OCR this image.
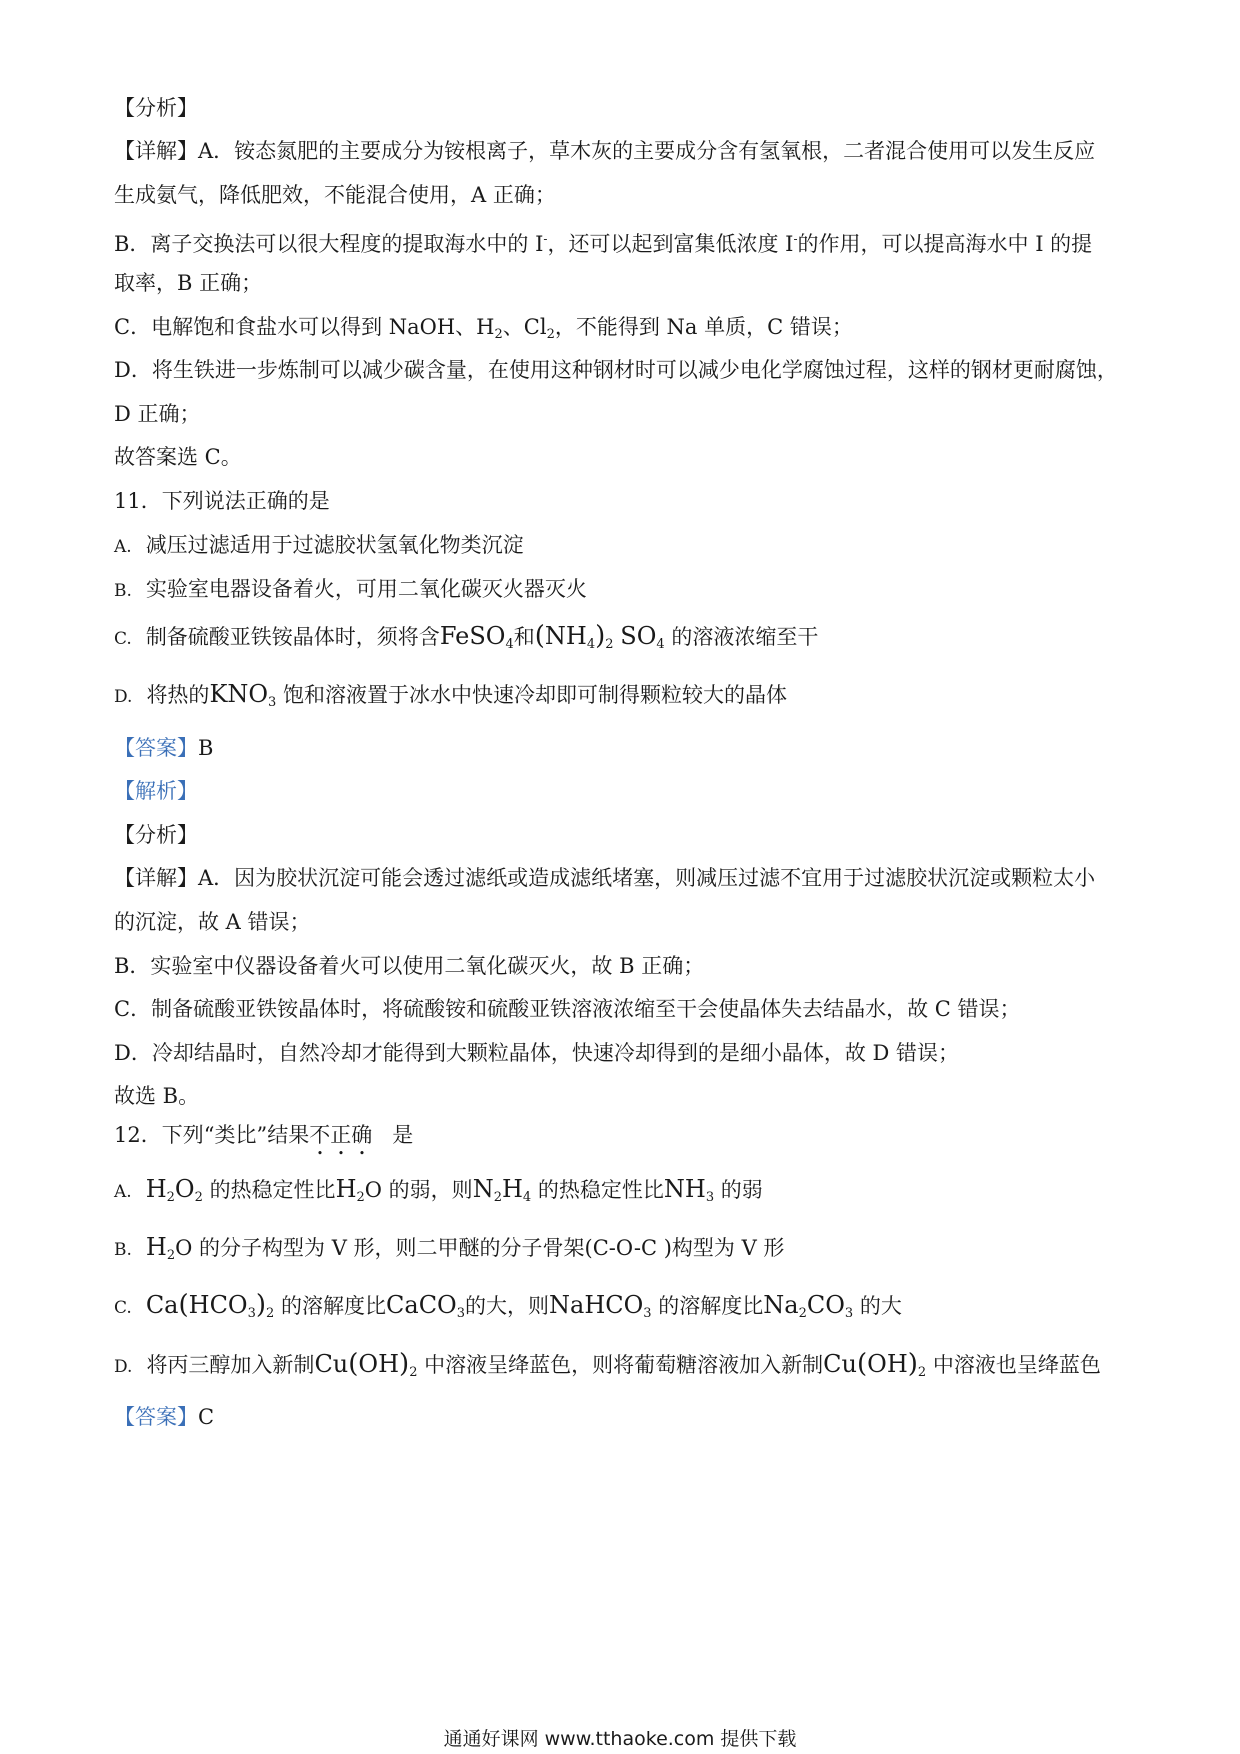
【分析】
【详解】A．铵态氮肥的主要成分为铵根离子，草木灰的主要成分含有氢氧根，二者混合使用可以发生反应
生成氨气，降低肥效，不能混合使用，A 正确；
B．离子交换法可以很大程度的提取海水中的 I-，还可以起到富集低浓度 I-的作用，可以提高海水中 I 的提
取率，B 正确；
C．电解饱和食盐水可以得到 NaOH、$H_2$、$Cl_2$，不能得到 Na 单质，C 错误；
D．将生铁进一步炼制可以减少碳含量，在使用这种钢材时可以减少电化学腐蚀过程，这样的钢材更耐腐蚀，
D 正确；
故答案选 C。
11．下列说法正确的是
A. 减压过滤适用于过滤胶状氢氧化物类沉淀
B. 实验室电器设备着火，可用二氧化碳灭火器灭火
C. 制备硫酸亚铁铵晶体时，须将含FeSO$_4$和$(NH_4)_2$ $SO_4$ 的溶液浓缩至干
D. 将热的$KNO_3$ 饱和溶液置于冰水中快速冷却即可制得颗粒较大的晶体
【答案】B
【解析】
【分析】
【详解】A．因为胶状沉淀可能会透过滤纸或造成滤纸堵塞，则减压过滤不宜用于过滤胶状沉淀或颗粒太小
的沉淀，故 A 错误；
B．实验室中仪器设备着火可以使用二氧化碳灭火，故 B 正确；
C．制备硫酸亚铁铵晶体时，将硫酸铵和硫酸亚铁溶液浓缩至干会使晶体失去结晶水，故 C 错误；
D．冷却结晶时，自然冷却才能得到大颗粒晶体，快速冷却得到的是细小晶体，故 D 错误；
故选 B。
12．下列“类比”结果不正确 是
A. $H_2O_2$ 的热稳定性比$H_2O$ 的弱，则$N_2H_4$ 的热稳定性比$NH_3$ 的弱
B. $H_2O$ 的分子构型为 V 形，则二甲醚的分子骨架(C-O-C )构型为 V 形
C. $Ca(HCO_3)_2$ 的溶解度比CaCO$_3$的大，则NaHCO$_3$ 的溶解度比$Na_2CO_3$ 的大
D. 将丙三醇加入新制$Cu(OH)_2$ 中溶液呈绛蓝色，则将葡萄糖溶液加入新制$Cu(OH)_2$ 中溶液也呈绛蓝色
【答案】C
通通好课网 www.tthaoke.com 提供下载
